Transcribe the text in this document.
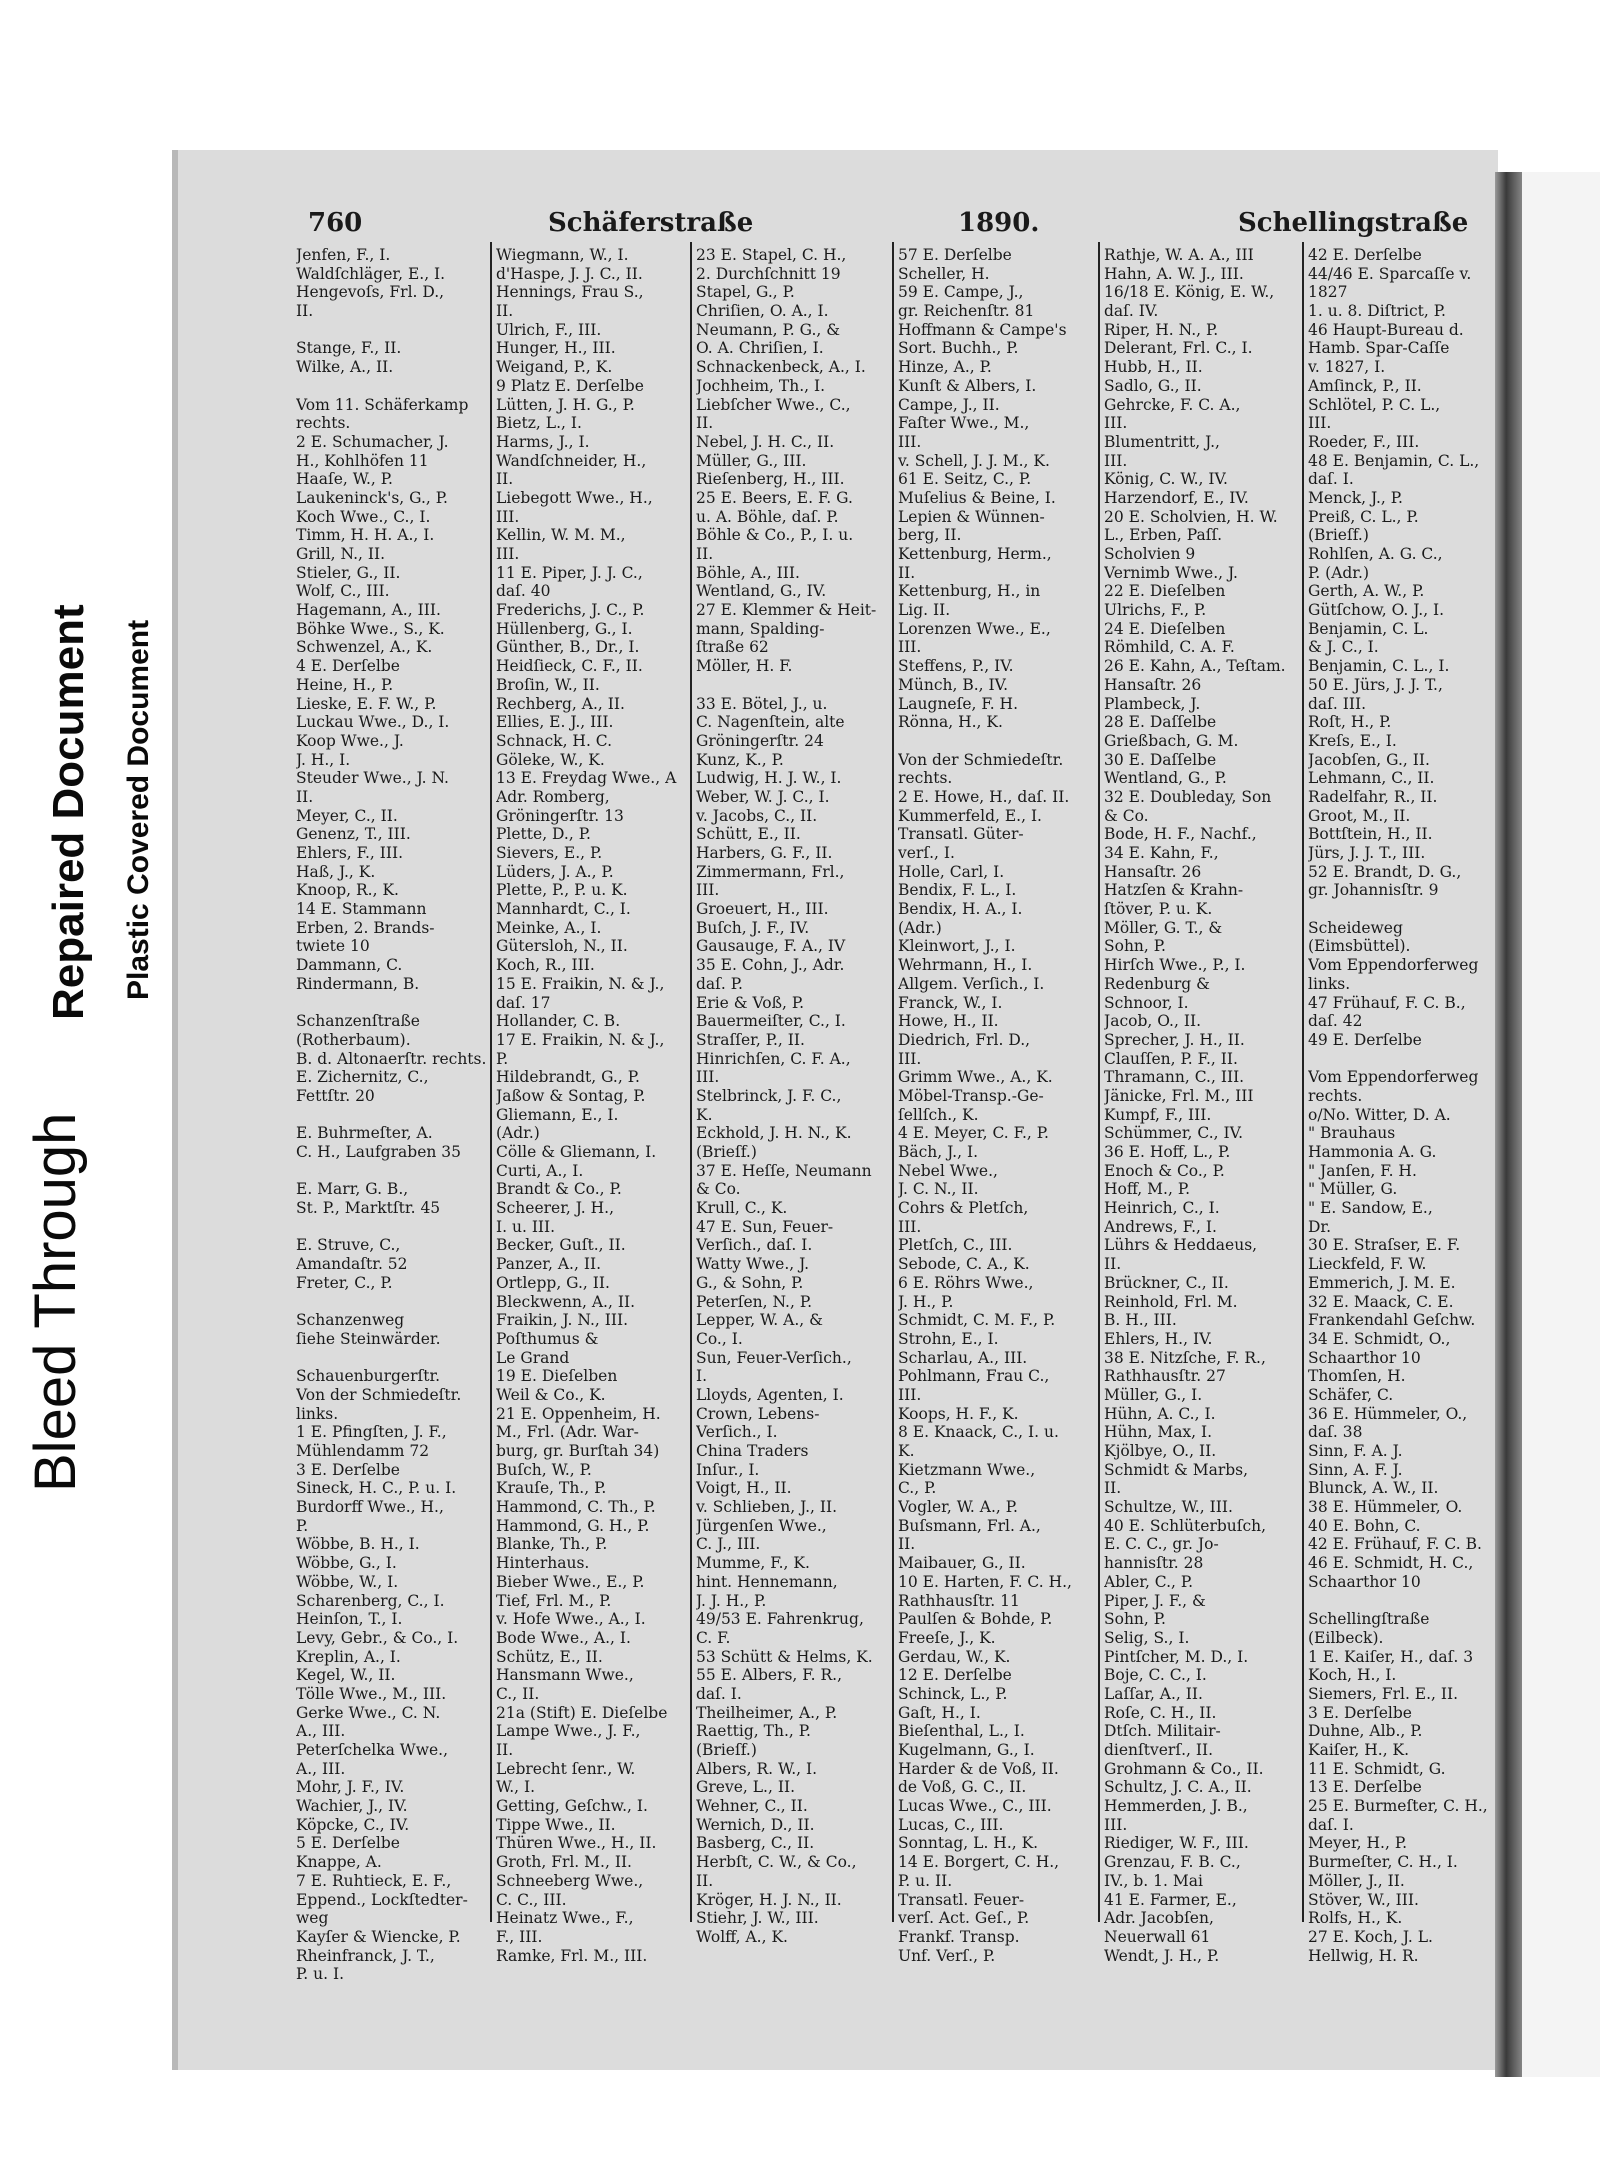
760	Schäferstraße	1890.	Schellingstraße
Jenfen, F., I.
Waldſchläger, E., I.
Hengevoſs, Frl. D.,
II.
Stange, F., II.
Wilke, A., II.
Vom 11. Schäferkamp
rechts.
2 E. Schumacher, J.
H., Kohlhöfen 11
Haaſe, W., P.
Laukeninck's, G., P.
Koch Wwe., C., I.
Timm, H. H. A., I.
Grill, N., II.
Stieler, G., II.
Wolf, C., III.
Hagemann, A., III.
Böhke Wwe., S., K.
Schwenzel, A., K.
4 E. Derſelbe
Heine, H., P.
Lieske, E. F. W., P.
Luckau Wwe., D., I.
Koop Wwe., J.
J. H., I.
Steuder Wwe., J. N.
II.
Meyer, C., II.
Genenz, T., III.
Ehlers, F., III.
Haß, J., K.
Knoop, R., K.
14 E. Stammann
Erben, 2. Brands-
twiete 10
Dammann, C.
Rindermann, B.
Schanzenſtraße
(Rotherbaum).
B. d. Altonaerſtr. rechts.
E. Zichernitz, C.,
Fettſtr. 20
E. Buhrmeſter, A.
C. H., Laufgraben 35
E. Marr, G. B.,
St. P., Marktſtr. 45
E. Struve, C.,
Amandaſtr. 52
Freter, C., P.
Schanzenweg
ſiehe Steinwärder.
Schauenburgerſtr.
Von der Schmiedeſtr.
links.
1 E. Pfingſten, J. F.,
Mühlendamm 72
3 E. Derſelbe
Sineck, H. C., P. u. I.
Burdorff Wwe., H.,
P.
Wöbbe, B. H., I.
Wöbbe, G., I.
Wöbbe, W., I.
Scharenberg, C., I.
Heinſon, T., I.
Levy, Gebr., & Co., I.
Kreplin, A., I.
Kegel, W., II.
Tölle Wwe., M., III.
Gerke Wwe., C. N.
A., III.
Peterſchelka Wwe.,
A., III.
Mohr, J. F., IV.
Wachier, J., IV.
Köpcke, C., IV.
5 E. Derſelbe
Knappe, A.
7 E. Ruhtieck, E. F.,
Eppend., Lockſtedter-
weg
Kayſer & Wiencke, P.
Rheinfranck, J. T.,
P. u. I.
Wiegmann, W., I.
d'Haspe, J. J. C., II.
Hennings, Frau S.,
II.
Ulrich, F., III.
Hunger, H., III.
Weigand, P., K.
9 Platz E. Derſelbe
Lütten, J. H. G., P.
Bietz, L., I.
Harms, J., I.
Wandſchneider, H.,
II.
Liebegott Wwe., H.,
III.
Kellin, W. M. M.,
III.
11 E. Piper, J. J. C.,
daſ. 40
Frederichs, J. C., P.
Hüllenberg, G., I.
Günther, B., Dr., I.
Heidſieck, C. F., II.
Broſin, W., II.
Rechberg, A., II.
Ellies, E. J., III.
Schnack, H. C.
Göleke, W., K.
13 E. Freydag Wwe., A
Adr. Romberg,
Gröningerſtr. 13
Plette, D., P.
Sievers, E., P.
Lüders, J. A., P.
Plette, P., P. u. K.
Mannhardt, C., I.
Meinke, A., I.
Gütersloh, N., II.
Koch, R., III.
15 E. Fraikin, N. & J.,
daſ. 17
Hollander, C. B.
17 E. Fraikin, N. & J.,
P.
Hildebrandt, G., P.
Jaßow & Sontag, P.
Gliemann, E., I.
(Adr.)
Cölle & Gliemann, I.
Curti, A., I.
Brandt & Co., P.
Scheerer, J. H.,
I. u. III.
Becker, Guſt., II.
Panzer, A., II.
Ortlepp, G., II.
Bleckwenn, A., II.
Fraikin, J. N., III.
Poſthumus &
Le Grand
19 E. Dieſelben
Weil & Co., K.
21 E. Oppenheim, H.
M., Frl. (Adr. War-
burg, gr. Burſtah 34)
Buſch, W., P.
Krauſe, Th., P.
Hammond, C. Th., P.
Hammond, G. H., P.
Blanke, Th., P.
Hinterhaus.
Bieber Wwe., E., P.
Tief, Frl. M., P.
v. Hofe Wwe., A., I.
Bode Wwe., A., I.
Schütz, E., II.
Hansmann Wwe.,
C., II.
21a (Stift) E. Dieſelbe
Lampe Wwe., J. F.,
II.
Lebrecht ſenr., W.
W., I.
Getting, Geſchw., I.
Tippe Wwe., II.
Thüren Wwe., H., II.
Groth, Frl. M., II.
Schneeberg Wwe.,
C. C., III.
Heinatz Wwe., F.,
F., III.
Ramke, Frl. M., III.
23 E. Stapel, C. H.,
2. Durchſchnitt 19
Stapel, G., P.
Chriſien, O. A., I.
Neumann, P. G., &
O. A. Chriſien, I.
Schnackenbeck, A., I.
Jochheim, Th., I.
Liebſcher Wwe., C.,
II.
Nebel, J. H. C., II.
Müller, G., III.
Rieſenberg, H., III.
25 E. Beers, E. F. G.
u. A. Böhle, daſ. P.
Böhle & Co., P., I. u.
II.
Böhle, A., III.
Wentland, G., IV.
27 E. Klemmer & Heit-
mann, Spalding-
ſtraße 62
Möller, H. F.
33 E. Bötel, J., u.
C. Nagenſtein, alte
Gröningerſtr. 24
Kunz, K., P.
Ludwig, H. J. W., I.
Weber, W. J. C., I.
v. Jacobs, C., II.
Schütt, E., II.
Harbers, G. F., II.
Zimmermann, Frl.,
III.
Groeuert, H., III.
Buſch, J. F., IV.
Gausauge, F. A., IV
35 E. Cohn, J., Adr.
daſ. P.
Erie & Voß, P.
Bauermeiſter, C., I.
Straſſer, P., II.
Hinrichſen, C. F. A.,
III.
Stelbrinck, J. F. C.,
K.
Eckhold, J. H. N., K.
(Brieſf.)
37 E. Heſſe, Neumann
& Co.
Krull, C., K.
47 E. Sun, Feuer-
Verſich., daſ. I.
Watty Wwe., J.
G., & Sohn, P.
Peterſen, N., P.
Lepper, W. A., &
Co., I.
Sun, Feuer-Verſich.,
I.
Lloyds, Agenten, I.
Crown, Lebens-
Verſich., I.
China Traders
Inſur., I.
Voigt, H., II.
v. Schlieben, J., II.
Jürgenſen Wwe.,
C. J., III.
Mumme, F., K.
hint. Hennemann,
J. J. H., P.
49/53 E. Fahrenkrug,
C. F.
53 Schütt & Helms, K.
55 E. Albers, F. R.,
daſ. I.
Theilheimer, A., P.
Raettig, Th., P.
(Brieſf.)
Albers, R. W., I.
Greve, L., II.
Wehner, C., II.
Wernich, D., II.
Basberg, C., II.
Herbſt, C. W., & Co.,
II.
Kröger, H. J. N., II.
Stiehr, J. W., III.
Wolff, A., K.
57 E. Derſelbe
Scheller, H.
59 E. Campe, J.,
gr. Reichenſtr. 81
Hoffmann & Campe's
Sort. Buchh., P.
Hinze, A., P.
Kunſt & Albers, I.
Campe, J., II.
Faſter Wwe., M.,
III.
v. Schell, J. J. M., K.
61 E. Seitz, C., P.
Muſelius & Beine, I.
Lepien & Wünnen-
berg, II.
Kettenburg, Herm.,
II.
Kettenburg, H., in
Lig. II.
Lorenzen Wwe., E.,
III.
Steffens, P., IV.
Münch, B., IV.
Laugneſe, F. H.
Rönna, H., K.
Von der Schmiedeſtr.
rechts.
2 E. Howe, H., daſ. II.
Kummerfeld, E., I.
Transatl. Güter-
verſ., I.
Holle, Carl, I.
Bendix, F. L., I.
Bendix, H. A., I.
(Adr.)
Kleinwort, J., I.
Wehrmann, H., I.
Allgem. Verſich., I.
Franck, W., I.
Howe, H., II.
Diedrich, Frl. D.,
III.
Grimm Wwe., A., K.
Möbel-Transp.-Ge-
ſellſch., K.
4 E. Meyer, C. F., P.
Bäch, J., I.
Nebel Wwe.,
J. C. N., II.
Cohrs & Pletſch,
III.
Pletſch, C., III.
Sebode, C. A., K.
6 E. Röhrs Wwe.,
J. H., P.
Schmidt, C. M. F., P.
Strohn, E., I.
Scharlau, A., III.
Pohlmann, Frau C.,
III.
Koops, H. F., K.
8 E. Knaack, C., I. u.
K.
Kietzmann Wwe.,
C., P.
Vogler, W. A., P.
Buſsmann, Frl. A.,
II.
Maibauer, G., II.
10 E. Harten, F. C. H.,
Rathhausſtr. 11
Paulſen & Bohde, P.
Freeſe, J., K.
Gerdau, W., K.
12 E. Derſelbe
Schinck, L., P.
Gaſt, H., I.
Bieſenthal, L., I.
Kugelmann, G., I.
Harder & de Voß, II.
de Voß, G. C., II.
Lucas Wwe., C., III.
Lucas, C., III.
Sonntag, L. H., K.
14 E. Borgert, C. H.,
P. u. II.
Transatl. Feuer-
verſ. Act. Geſ., P.
Frankf. Transp.
Unf. Verſ., P.
Rathje, W. A. A., III
Hahn, A. W. J., III.
16/18 E. König, E. W.,
daſ. IV.
Riper, H. N., P.
Delerant, Frl. C., I.
Hubb, H., II.
Sadlo, G., II.
Gehrcke, F. C. A.,
III.
Blumentritt, J.,
III.
König, C. W., IV.
Harzendorf, E., IV.
20 E. Scholvien, H. W.
L., Erben, Paſſ.
Scholvien 9
Vernimb Wwe., J.
22 E. Dieſelben
Ulrichs, F., P.
24 E. Dieſelben
Römhild, C. A. F.
26 E. Kahn, A., Teſtam.
Hansaſtr. 26
Plambeck, J.
28 E. Daſſelbe
Grießbach, G. M.
30 E. Daſſelbe
Wentland, G., P.
32 E. Doubleday, Son
& Co.
Bode, H. F., Nachf.,
34 E. Kahn, F.,
Hansaſtr. 26
Hatzſen & Krahn-
ſtöver, P. u. K.
Möller, G. T., &
Sohn, P.
Hirſch Wwe., P., I.
Redenburg &
Schnoor, I.
Jacob, O., II.
Sprecher, J. H., II.
Clauſſen, P. F., II.
Thramann, C., III.
Jänicke, Frl. M., III
Kumpf, F., III.
Schümmer, C., IV.
36 E. Hoff, L., P.
Enoch & Co., P.
Hoff, M., P.
Heinrich, C., I.
Andrews, F., I.
Lührs & Heddaeus,
II.
Brückner, C., II.
Reinhold, Frl. M.
B. H., III.
Ehlers, H., IV.
38 E. Nitzſche, F. R.,
Rathhausſtr. 27
Müller, G., I.
Hühn, A. C., I.
Hühn, Max, I.
Kjölbye, O., II.
Schmidt & Marbs,
II.
Schultze, W., III.
40 E. Schlüterbuſch,
E. C. C., gr. Jo-
hannisſtr. 28
Abler, C., P.
Piper, J. F., &
Sohn, P.
Selig, S., I.
Pintſcher, M. D., I.
Boje, C. C., I.
Laſſar, A., II.
Roſe, C. H., II.
Dtſch. Militair-
dienſtverſ., II.
Grohmann & Co., II.
Schultz, J. C. A., II.
Hemmerden, J. B.,
III.
Riediger, W. F., III.
Grenzau, F. B. C.,
IV., b. 1. Mai
41 E. Farmer, E.,
Adr. Jacobſen,
Neuerwall 61
Wendt, J. H., P.
42 E. Derſelbe
44/46 E. Sparcaſſe v.
1827
1. u. 8. Diſtrict, P.
46 Haupt-Bureau d.
Hamb. Spar-Caſſe
v. 1827, I.
Amſinck, P., II.
Schlötel, P. C. L.,
III.
Roeder, F., III.
48 E. Benjamin, C. L.,
daſ. I.
Menck, J., P.
Preiß, C. L., P.
(Brieſf.)
Rohlſen, A. G. C.,
P. (Adr.)
Gerth, A. W., P.
Gütſchow, O. J., I.
Benjamin, C. L.
& J. C., I.
Benjamin, C. L., I.
50 E. Jürs, J. J. T.,
daſ. III.
Roſt, H., P.
Kreſs, E., I.
Jacobſen, G., II.
Lehmann, C., II.
Radelfahr, R., II.
Groot, M., II.
Bottſtein, H., II.
Jürs, J. J. T., III.
52 E. Brandt, D. G.,
gr. Johannisſtr. 9
Scheideweg
(Eimsbüttel).
Vom Eppendorferweg
links.
47 Frühauf, F. C. B.,
daſ. 42
49 E. Derſelbe
Vom Eppendorferweg
rechts.
o/No. Witter, D. A.
" Brauhaus
Hammonia A. G.
" Janſen, F. H.
" Müller, G.
" E. Sandow, E.,
Dr.
30 E. Straſser, E. F.
Lieckfeld, F. W.
Emmerich, J. M. E.
32 E. Maack, C. E.
Frankendahl Geſchw.
34 E. Schmidt, O.,
Schaarthor 10
Thomſen, H.
Schäfer, C.
36 E. Hümmeler, O.,
daſ. 38
Sinn, F. A. J.
Sinn, A. F. J.
Blunck, A. W., II.
38 E. Hümmeler, O.
40 E. Bohn, C.
42 E. Frühauf, F. C. B.
46 E. Schmidt, H. C.,
Schaarthor 10
Schellingſtraße
(Eilbeck).
1 E. Kaiſer, H., daſ. 3
Koch, H., I.
Siemers, Frl. E., II.
3 E. Derſelbe
Duhne, Alb., P.
Kaiſer, H., K.
11 E. Schmidt, G.
13 E. Derſelbe
25 E. Burmeſter, C. H.,
daſ. I.
Meyer, H., P.
Burmeſter, C. H., I.
Möller, J., II.
Stöver, W., III.
Rolfs, H., K.
27 E. Koch, J. L.
Hellwig, H. R.
Bleed Through
Repaired Document Plastic Covered Document
